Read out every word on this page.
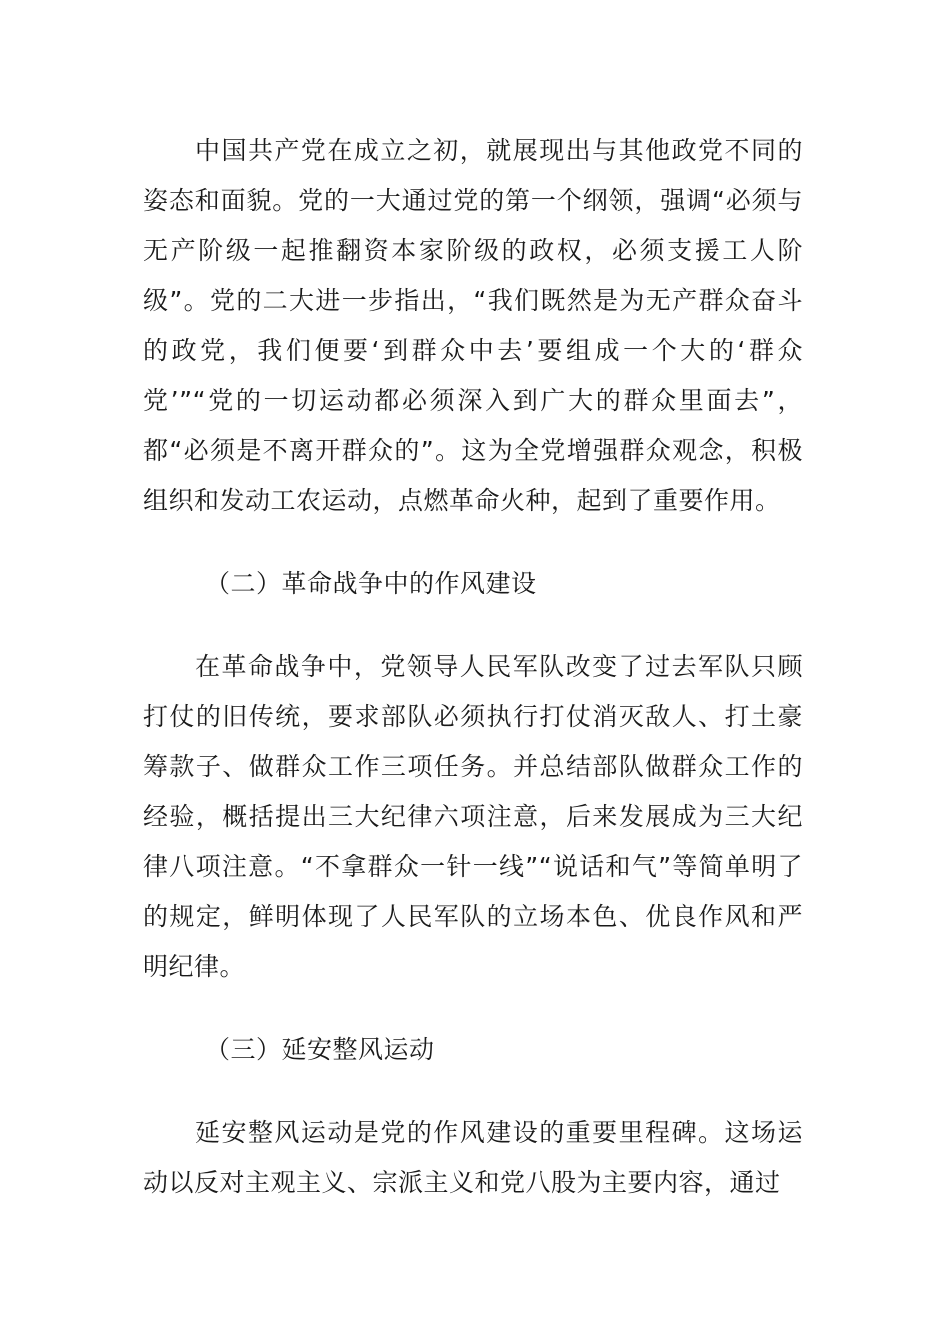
中国共产党在成立之初，就展现出与其他政党不同的姿态和面貌。党的一大通过党的第一个纲领，强调“必须与无产阶级一起推翻资本家阶级的政权，必须支援工人阶级”。党的二大进一步指出，“我们既然是为无产群众奋斗的政党，我们便要‘到群众中去’要组成一个大的‘群众党’”“党的一切运动都必须深入到广大的群众里面去”，都“必须是不离开群众的”。这为全党增强群众观念，积极组织和发动工农运动，点燃革命火种，起到了重要作用。

（二）革命战争中的作风建设

在革命战争中，党领导人民军队改变了过去军队只顾打仗的旧传统，要求部队必须执行打仗消灭敌人、打土豪筹款子、做群众工作三项任务。并总结部队做群众工作的经验，概括提出三大纪律六项注意，后来发展成为三大纪律八项注意。“不拿群众一针一线”“说话和气”等简单明了的规定，鲜明体现了人民军队的立场本色、优良作风和严明纪律。

（三）延安整风运动

延安整风运动是党的作风建设的重要里程碑。这场运动以反对主观主义、宗派主义和党八股为主要内容，通过
